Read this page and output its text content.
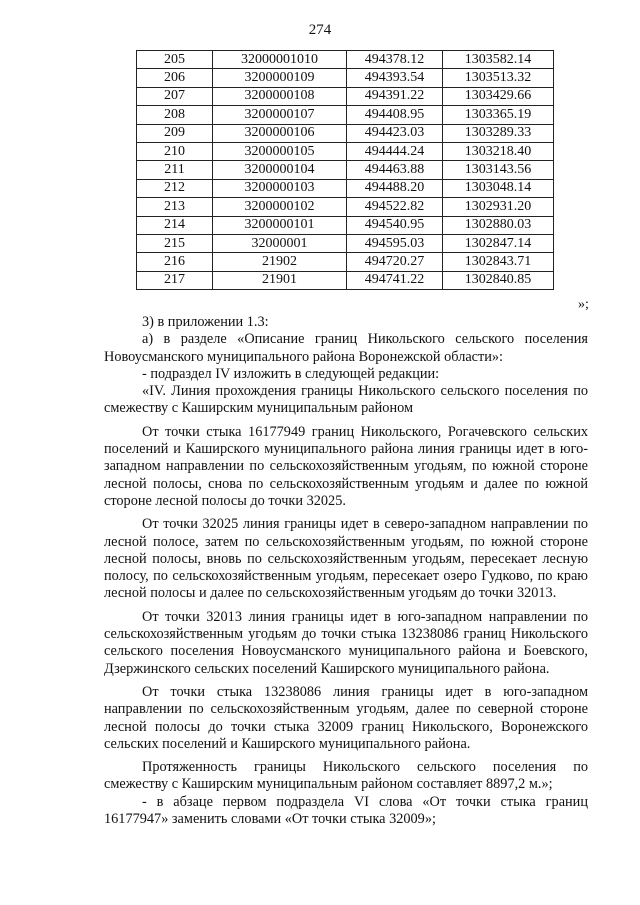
274
205	32000001010	494378.12	1303582.14
206	3200000109	494393.54	1303513.32
207	3200000108	494391.22	1303429.66
208	3200000107	494408.95	1303365.19
209	3200000106	494423.03	1303289.33
210	3200000105	494444.24	1303218.40
211	3200000104	494463.88	1303143.56
212	3200000103	494488.20	1303048.14
213	3200000102	494522.82	1302931.20
214	3200000101	494540.95	1302880.03
215	32000001	494595.03	1302847.14
216	21902	494720.27	1302843.71
217	21901	494741.22	1302840.85
»;

3) в приложении 1.3:

а) в разделе «Описание границ Никольского сельского поселения Новоусманского муниципального района Воронежской области»:

- подраздел IV изложить в следующей редакции:

«IV. Линия прохождения границы Никольского сельского поселения по смежеству с Каширским муниципальным районом

От точки стыка 16177949 границ Никольского, Рогачевского сельских поселений и Каширского муниципального района линия границы идет в юго-западном направлении по сельскохозяйственным угодьям, по южной стороне лесной полосы, снова по сельскохозяйственным угодьям и далее по южной стороне лесной полосы до точки 32025.

От точки 32025 линия границы идет в северо-западном направлении по лесной полосе, затем по сельскохозяйственным угодьям, по южной стороне лесной полосы, вновь по сельскохозяйственным угодьям, пересекает лесную полосу, по сельскохозяйственным угодьям, пересекает озеро Гудково, по краю лесной полосы и далее по сельскохозяйственным угодьям до точки 32013.

От точки 32013 линия границы идет в юго-западном направлении по сельскохозяйственным угодьям до точки стыка 13238086 границ Никольского сельского поселения Новоусманского муниципального района и Боевского, Дзержинского сельских поселений Каширского муниципального района.

От точки стыка 13238086 линия границы идет в юго-западном направлении по сельскохозяйственным угодьям, далее по северной стороне лесной полосы до точки стыка 32009 границ Никольского, Воронежского сельских поселений и Каширского муниципального района.

Протяженность границы Никольского сельского поселения по смежеству с Каширским муниципальным районом составляет 8897,2 м.»;

- в абзаце первом подраздела VI слова «От точки стыка границ 16177947» заменить словами «От точки стыка 32009»;
